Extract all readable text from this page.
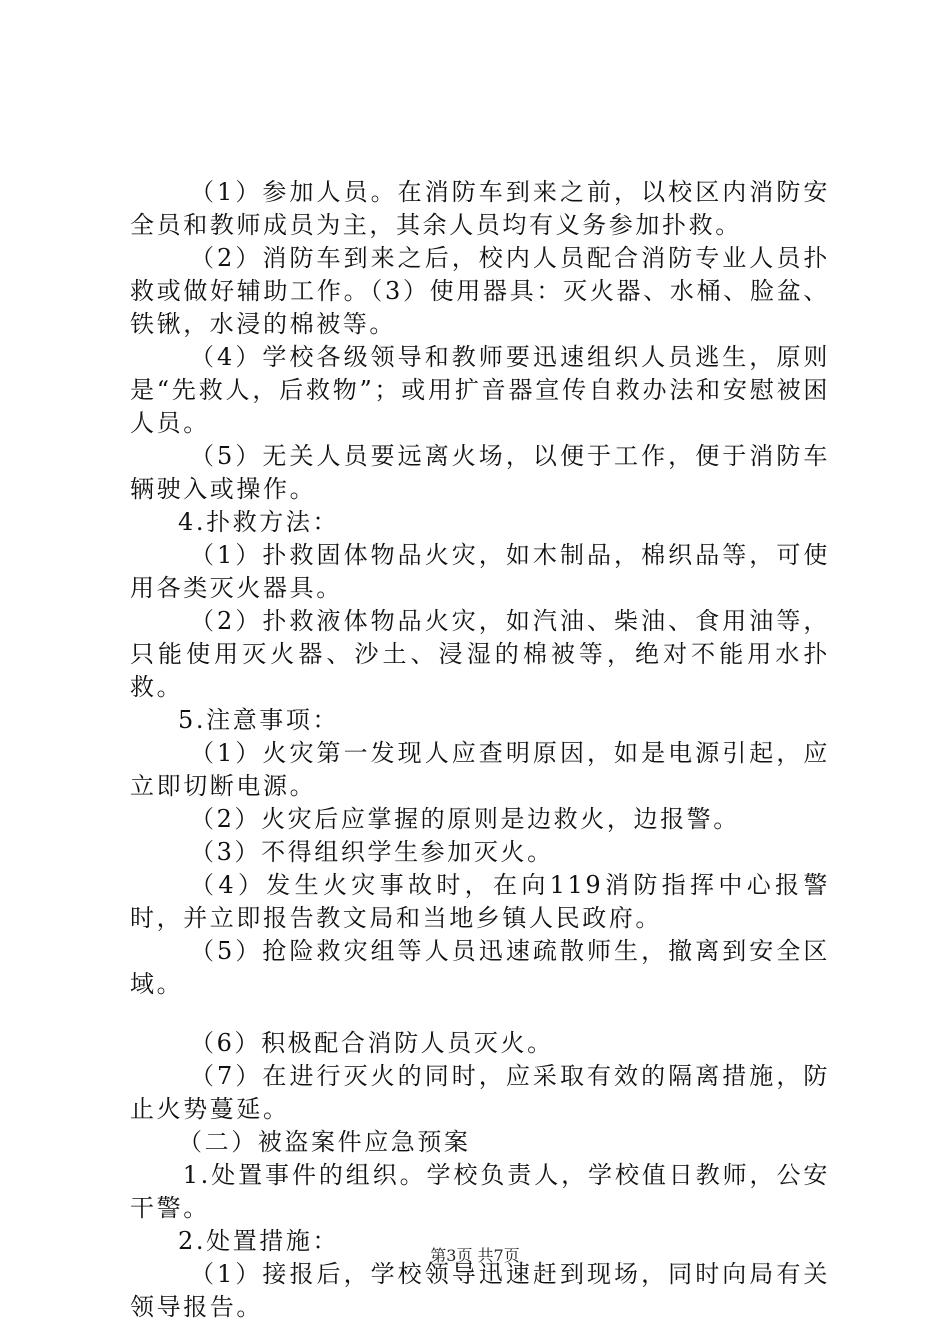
（1）参加人员。在消防车到来之前，以校区内消防安全员和教师成员为主，其余人员均有义务参加扑救。

（2）消防车到来之后，校内人员配合消防专业人员扑救或做好辅助工作。（3）使用器具：灭火器、水桶、脸盆、铁锹，水浸的棉被等。

（4）学校各级领导和教师要迅速组织人员逃生，原则是“先救人，后救物”；或用扩音器宣传自救办法和安慰被困人员。

（5）无关人员要远离火场，以便于工作，便于消防车辆驶入或操作。

4.扑救方法：

（1）扑救固体物品火灾，如木制品，棉织品等，可使用各类灭火器具。

（2）扑救液体物品火灾，如汽油、柴油、食用油等，只能使用灭火器、沙土、浸湿的棉被等，绝对不能用水扑救。

5.注意事项：

（1）火灾第一发现人应查明原因，如是电源引起，应立即切断电源。

（2）火灾后应掌握的原则是边救火，边报警。

（3）不得组织学生参加灭火。

（4）发生火灾事故时，在向119消防指挥中心报警时，并立即报告教文局和当地乡镇人民政府。

（5）抢险救灾组等人员迅速疏散师生，撤离到安全区域。

（6）积极配合消防人员灭火。

（7）在进行灭火的同时，应采取有效的隔离措施，防止火势蔓延。

（二）被盗案件应急预案

1.处置事件的组织。学校负责人，学校值日教师，公安干警。

2.处置措施：

（1）接报后，学校领导迅速赶到现场，同时向局有关领导报告。

第3页 共7页
